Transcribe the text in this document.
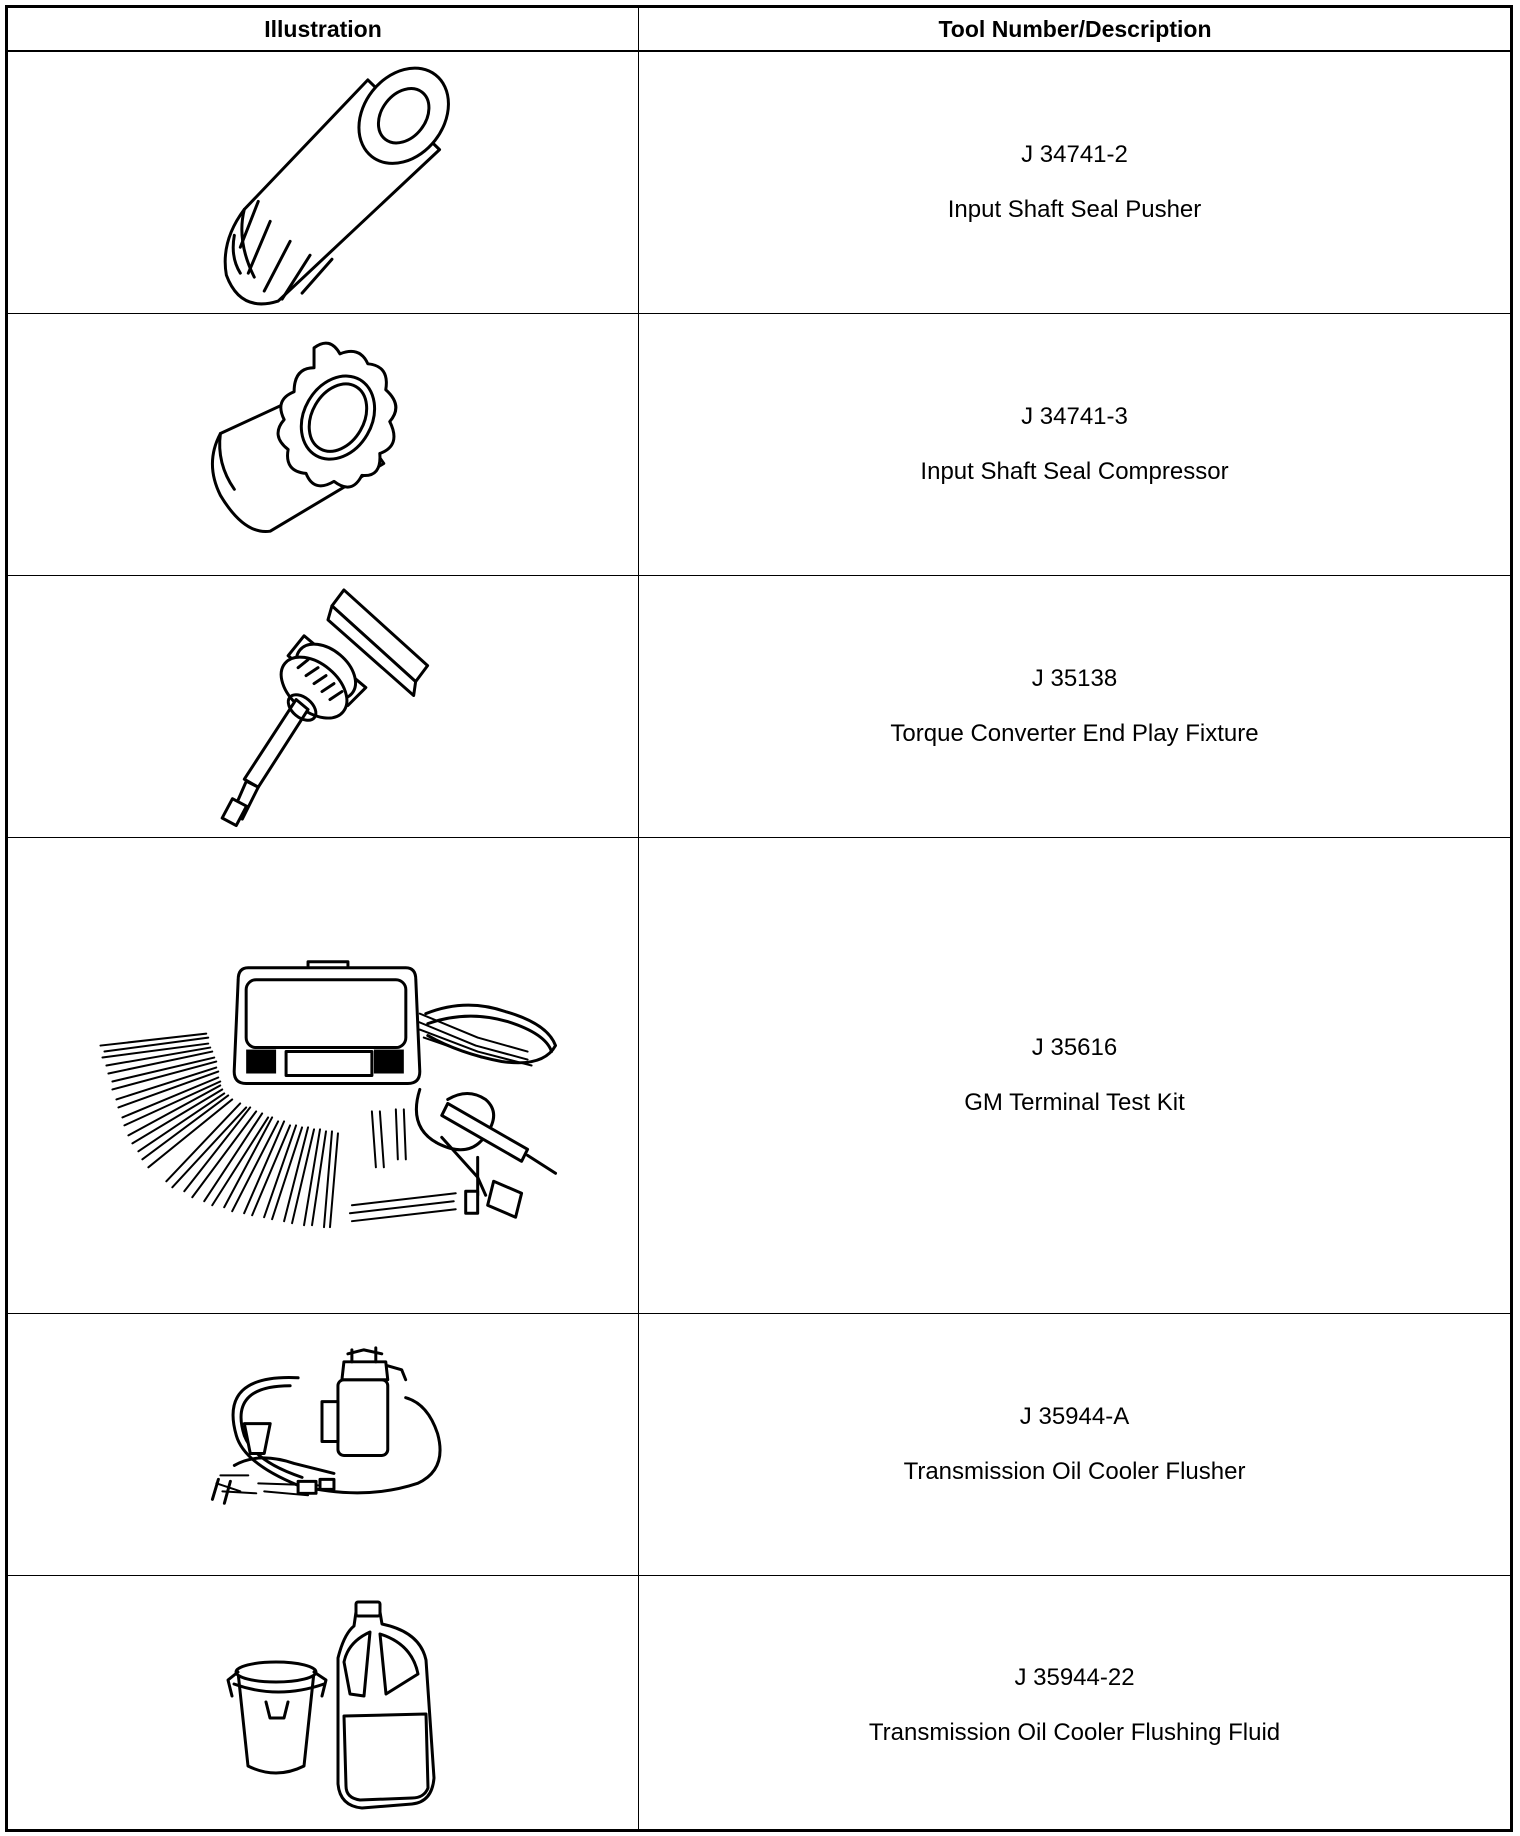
Illustration	Tool Number/Description
J 34741-2
Input Shaft Seal Pusher
J 34741-3
Input Shaft Seal Compressor
J 35138
Torque Converter End Play Fixture
J 35616
GM Terminal Test Kit
J 35944-A
Transmission Oil Cooler Flusher
J 35944-22
Transmission Oil Cooler Flushing Fluid
